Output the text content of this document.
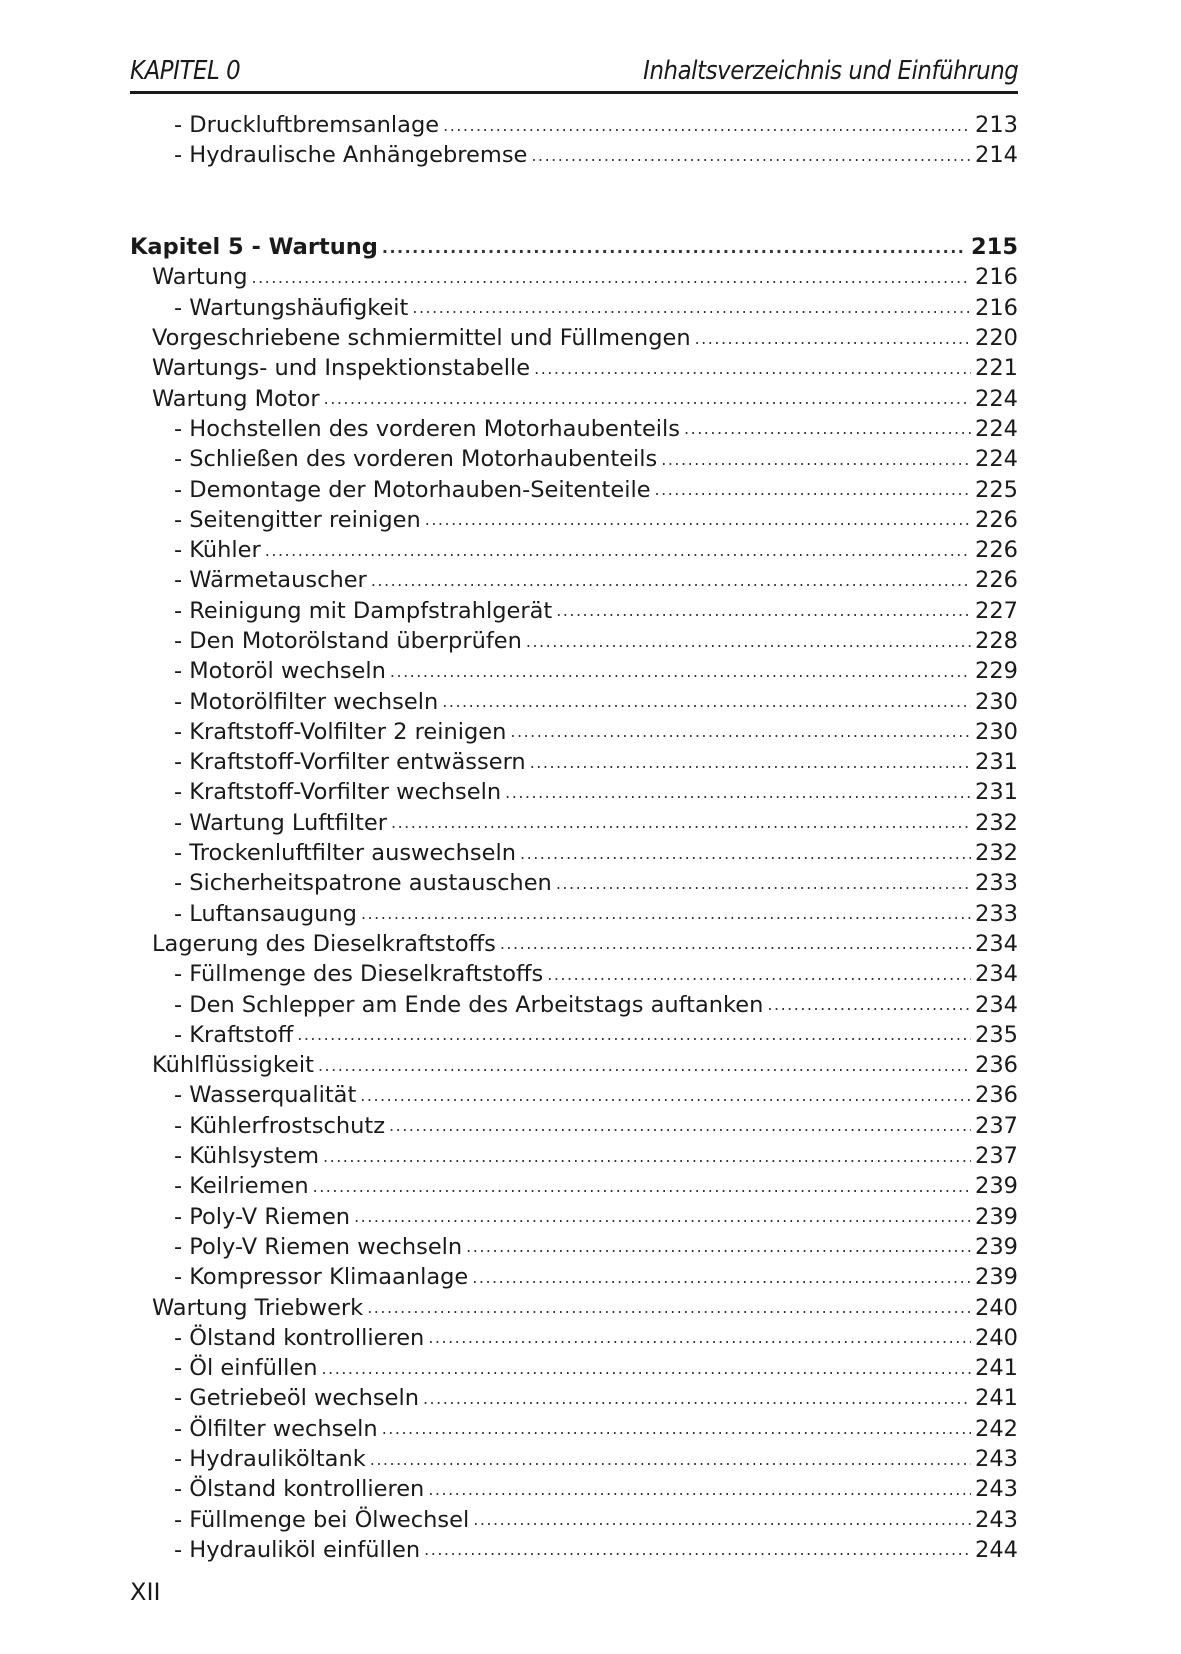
KAPITEL 0	Inhaltsverzeichnis und Einführung
- Druckluftbremsanlage .....	213
- Hydraulische Anhängebremse .....	214
Kapitel 5 - Wartung .....	215
Wartung .....	216
- Wartungshäufigkeit .....	216
Vorgeschriebene schmiermittel und Füllmengen .....	220
Wartungs- und Inspektionstabelle .....	221
Wartung Motor .....	224
- Hochstellen des vorderen Motorhaubenteils .....	224
- Schließen des vorderen Motorhaubenteils .....	224
- Demontage der Motorhauben-Seitenteile .....	225
- Seitengitter reinigen .....	226
- Kühler .....	226
- Wärmetauscher .....	226
- Reinigung mit Dampfstrahlgerät .....	227
- Den Motorölstand überprüfen .....	228
- Motoröl wechseln .....	229
- Motorölfilter wechseln .....	230
- Kraftstoff-Volfilter 2 reinigen .....	230
- Kraftstoff-Vorfilter entwässern .....	231
- Kraftstoff-Vorfilter wechseln .....	231
- Wartung Luftfilter .....	232
- Trockenluftfilter auswechseln .....	232
- Sicherheitspatrone austauschen .....	233
- Luftansaugung .....	233
Lagerung des Dieselkraftstoffs .....	234
- Füllmenge des Dieselkraftstoffs .....	234
- Den Schlepper am Ende des Arbeitstags auftanken .....	234
- Kraftstoff .....	235
Kühlflüssigkeit .....	236
- Wasserqualität .....	236
- Kühlerfrostschutz .....	237
- Kühlsystem .....	237
- Keilriemen .....	239
- Poly-V Riemen .....	239
- Poly-V Riemen wechseln .....	239
- Kompressor Klimaanlage .....	239
Wartung Triebwerk .....	240
- Ölstand kontrollieren .....	240
- Öl einfüllen .....	241
- Getriebeöl wechseln .....	241
- Ölfilter wechseln .....	242
- Hydrauliköltank .....	243
- Ölstand kontrollieren .....	243
- Füllmenge bei Ölwechsel .....	243
- Hydrauliköl einfüllen .....	244
XII
